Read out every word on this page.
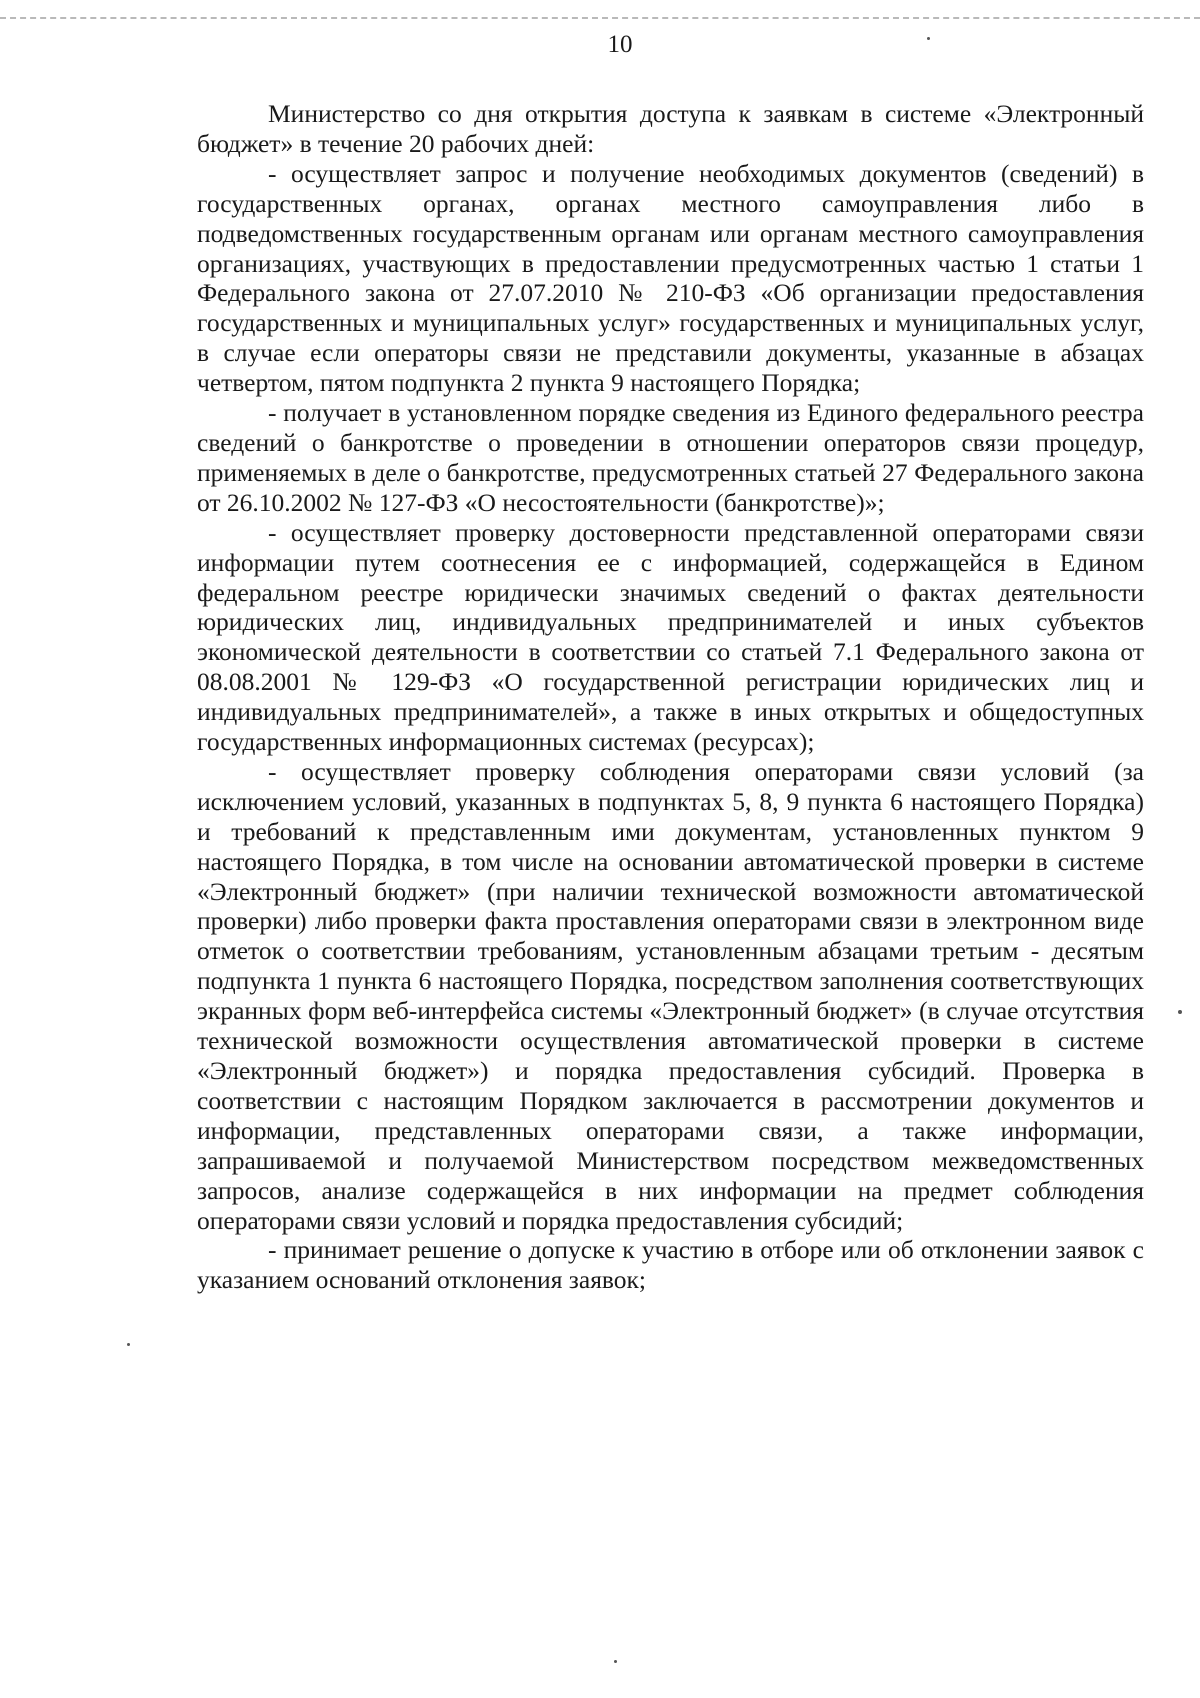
10

Министерство со дня открытия доступа к заявкам в системе «Электронный бюджет» в течение 20 рабочих дней:

- осуществляет запрос и получение необходимых документов (сведений) в государственных органах, органах местного самоуправления либо в подведомственных государственным органам или органам местного самоуправления организациях, участвующих в предоставлении предусмотренных частью 1 статьи 1 Федерального закона от 27.07.2010 № 210-ФЗ «Об организации предоставления государственных и муниципальных услуг» государственных и муниципальных услуг, в случае если операторы связи не представили документы, указанные в абзацах четвертом, пятом подпункта 2 пункта 9 настоящего Порядка;

- получает в установленном порядке сведения из Единого федерального реестра сведений о банкротстве о проведении в отношении операторов связи процедур, применяемых в деле о банкротстве, предусмотренных статьей 27 Федерального закона от 26.10.2002 № 127-ФЗ «О несостоятельности (банкротстве)»;

- осуществляет проверку достоверности представленной операторами связи информации путем соотнесения ее с информацией, содержащейся в Едином федеральном реестре юридически значимых сведений о фактах деятельности юридических лиц, индивидуальных предпринимателей и иных субъектов экономической деятельности в соответствии со статьей 7.1 Федерального закона от 08.08.2001 № 129-ФЗ «О государственной регистрации юридических лиц и индивидуальных предпринимателей», а также в иных открытых и общедоступных государственных информационных системах (ресурсах);

- осуществляет проверку соблюдения операторами связи условий (за исключением условий, указанных в подпунктах 5, 8, 9 пункта 6 настоящего Порядка) и требований к представленным ими документам, установленных пунктом 9 настоящего Порядка, в том числе на основании автоматической проверки в системе «Электронный бюджет» (при наличии технической возможности автоматической проверки) либо проверки факта проставления операторами связи в электронном виде отметок о соответствии требованиям, установленным абзацами третьим - десятым подпункта 1 пункта 6 настоящего Порядка, посредством заполнения соответствующих экранных форм веб-интерфейса системы «Электронный бюджет» (в случае отсутствия технической возможности осуществления автоматической проверки в системе «Электронный бюджет») и порядка предоставления субсидий. Проверка в соответствии с настоящим Порядком заключается в рассмотрении документов и информации, представленных операторами связи, а также информации, запрашиваемой и получаемой Министерством посредством межведомственных запросов, анализе содержащейся в них информации на предмет соблюдения операторами связи условий и порядка предоставления субсидий;

- принимает решение о допуске к участию в отборе или об отклонении заявок с указанием оснований отклонения заявок;
